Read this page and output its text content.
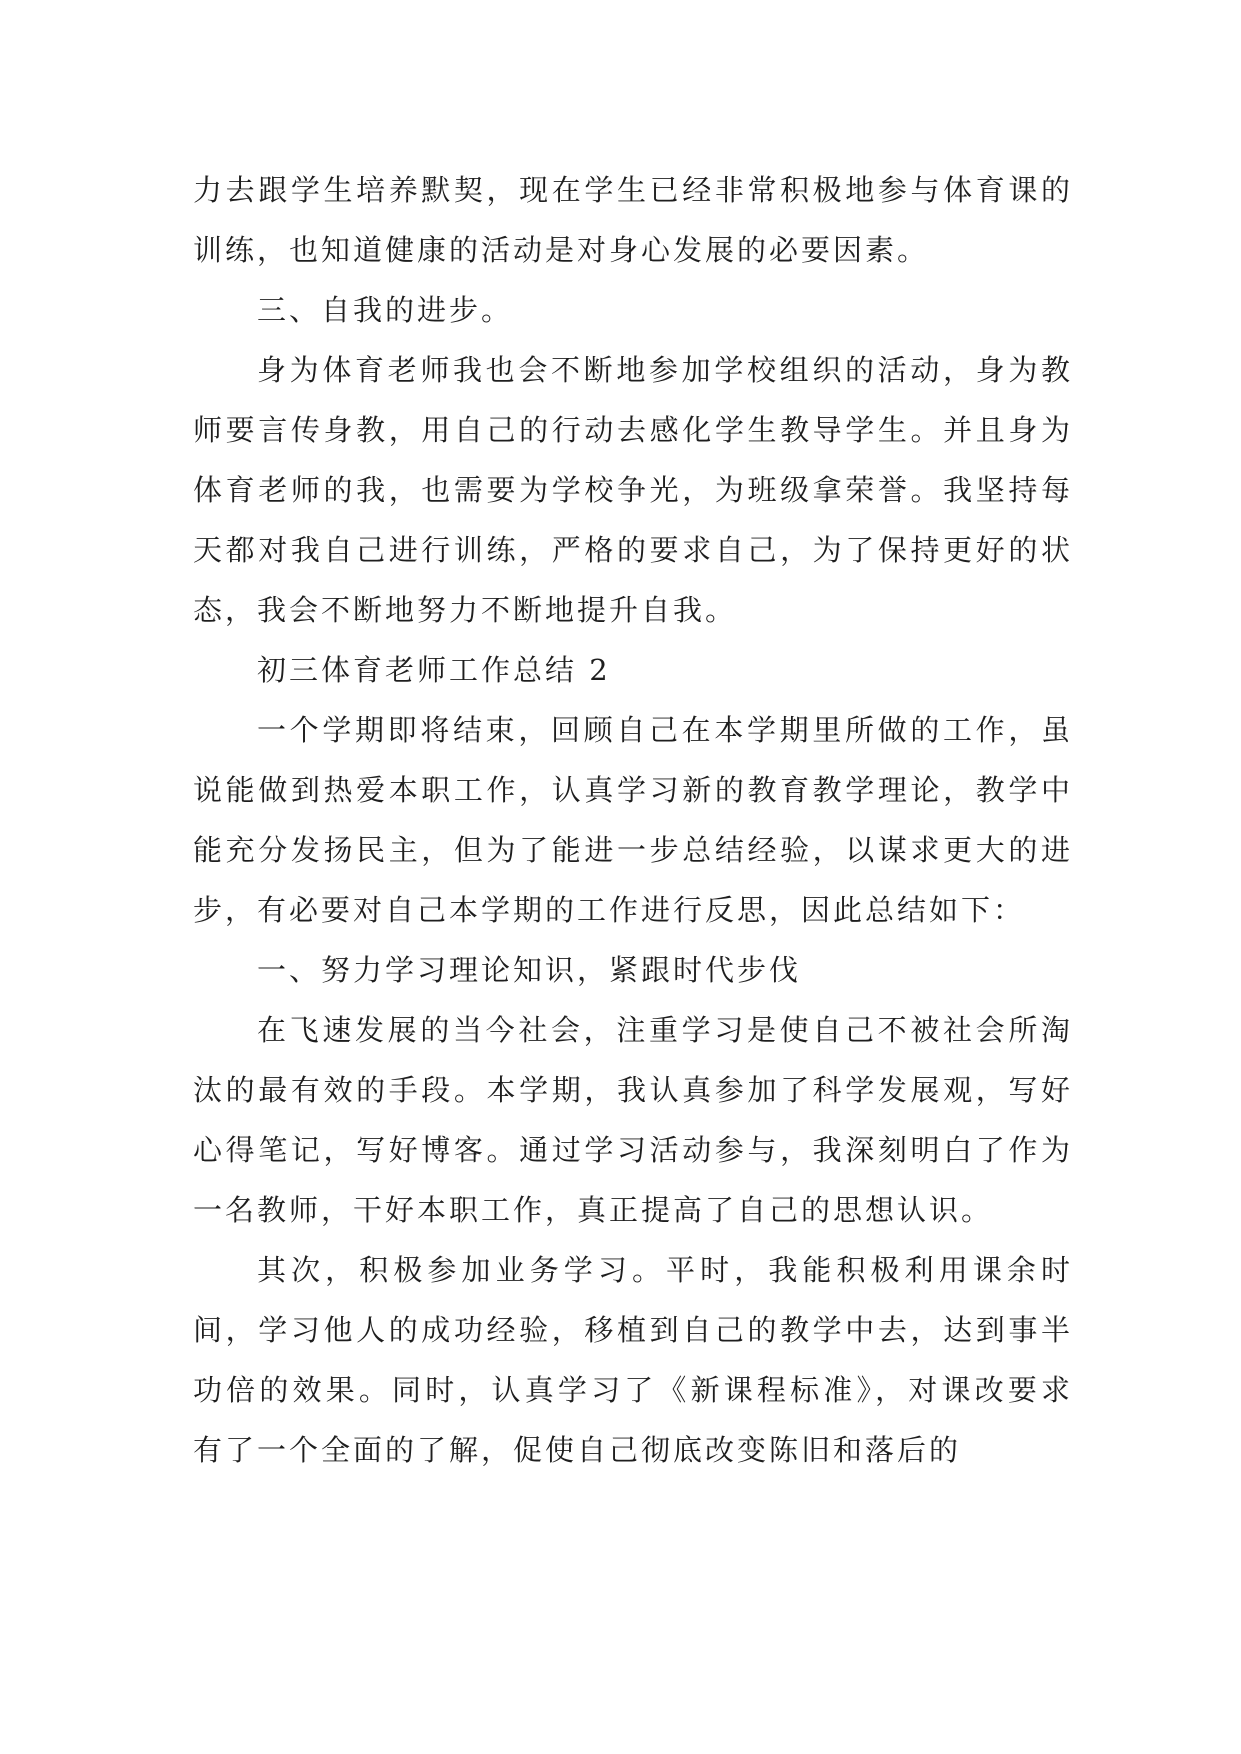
力去跟学生培养默契，现在学生已经非常积极地参与体育课的训练，也知道健康的活动是对身心发展的必要因素。

三、自我的进步。

身为体育老师我也会不断地参加学校组织的活动，身为教师要言传身教，用自己的行动去感化学生教导学生。并且身为体育老师的我，也需要为学校争光，为班级拿荣誉。我坚持每天都对我自己进行训练，严格的要求自己，为了保持更好的状态，我会不断地努力不断地提升自我。

初三体育老师工作总结 2

一个学期即将结束，回顾自己在本学期里所做的工作，虽说能做到热爱本职工作，认真学习新的教育教学理论，教学中能充分发扬民主，但为了能进一步总结经验，以谋求更大的进步，有必要对自己本学期的工作进行反思，因此总结如下：

一、努力学习理论知识，紧跟时代步伐

在飞速发展的当今社会，注重学习是使自己不被社会所淘汰的最有效的手段。本学期，我认真参加了科学发展观，写好心得笔记，写好博客。通过学习活动参与，我深刻明白了作为一名教师，干好本职工作，真正提高了自己的思想认识。

其次，积极参加业务学习。平时，我能积极利用课余时间，学习他人的成功经验，移植到自己的教学中去，达到事半功倍的效果。同时，认真学习了《新课程标准》，对课改要求有了一个全面的了解，促使自己彻底改变陈旧和落后的
